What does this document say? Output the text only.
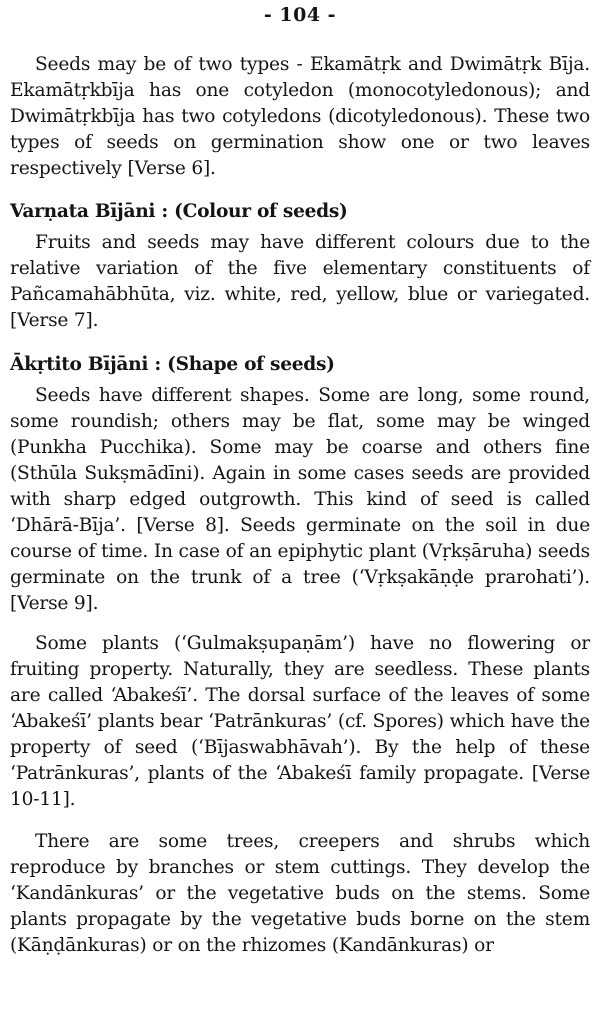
- 104 -

Seeds may be of two types - Ekamātṛk and Dwimātṛk Bīja. Ekamātṛkbīja has one cotyledon (monocotyledonous); and Dwimātṛkbīja has two cotyledons (dicotyledonous). These two types of seeds on germination show one or two leaves respectively [Verse 6].

Varṇata Bījāni : (Colour of seeds)

Fruits and seeds may have different colours due to the relative variation of the five elementary constituents of Pañcamahābhūta, viz. white, red, yellow, blue or variegated. [Verse 7].

Ākṛtito Bījāni : (Shape of seeds)

Seeds have different shapes. Some are long, some round, some roundish; others may be flat, some may be winged (Punkha Pucchika). Some may be coarse and others fine (Sthūla Sukṣmādīni). Again in some cases seeds are provided with sharp edged outgrowth. This kind of seed is called ‘Dhārā-Bīja’. [Verse 8]. Seeds germinate on the soil in due course of time. In case of an epiphytic plant (Vṛkṣāruha) seeds germinate on the trunk of a tree (‘Vṛkṣakāṇḍe prarohati’). [Verse 9].

Some plants (‘Gulmakṣupaṇām’) have no flowering or fruiting property. Naturally, they are seedless. These plants are called ‘Abakeśī’. The dorsal surface of the leaves of some ‘Abakeśī’ plants bear ‘Patrānkuras’ (cf. Spores) which have the property of seed (‘Bījaswabhāvah’). By the help of these ‘Patrānkuras’, plants of the ‘Abakeśī family propagate. [Verse 10-11].

There are some trees, creepers and shrubs which reproduce by branches or stem cuttings. They develop the ‘Kandānkuras’ or the vegetative buds on the stems. Some plants propagate by the vegetative buds borne on the stem (Kāṇḍānkuras) or on the rhizomes (Kandānkuras) or
